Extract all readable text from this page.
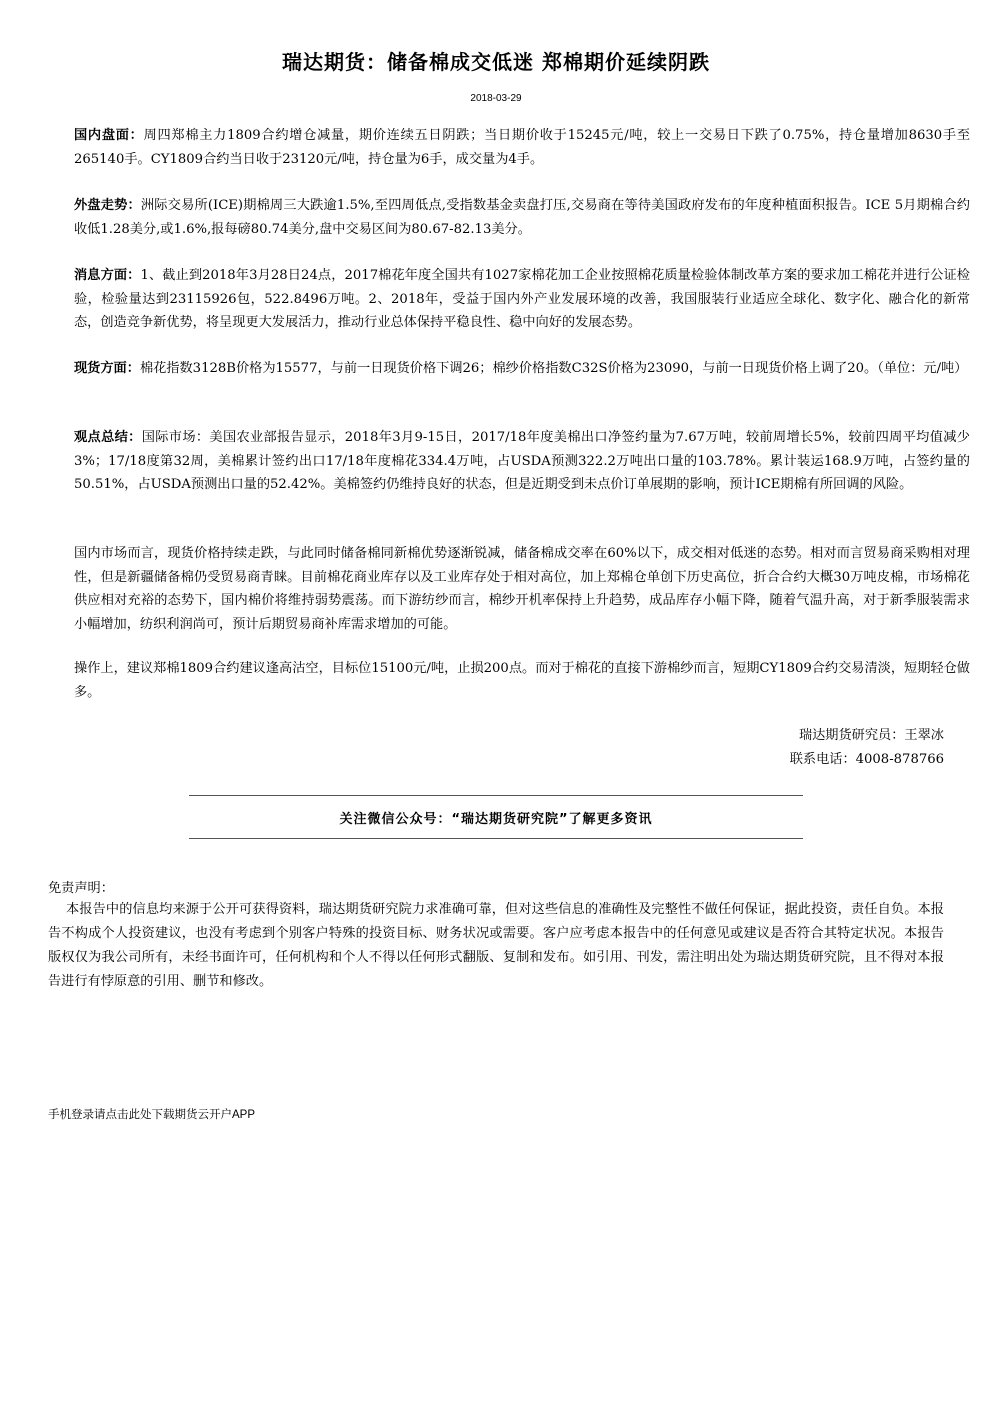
瑞达期货：储备棉成交低迷 郑棉期价延续阴跌
2018-03-29
国内盘面：周四郑棉主力1809合约增仓减量，期价连续五日阴跌；当日期价收于15245元/吨，较上一交易日下跌了0.75%，持仓量增加8630手至265140手。CY1809合约当日收于23120元/吨，持仓量为6手，成交量为4手。
外盘走势：洲际交易所(ICE)期棉周三大跌逾1.5%,至四周低点,受指数基金卖盘打压,交易商在等待美国政府发布的年度种植面积报告。ICE 5月期棉合约收低1.28美分,或1.6%,报每磅80.74美分,盘中交易区间为80.67-82.13美分。
消息方面：1、截止到2018年3月28日24点，2017棉花年度全国共有1027家棉花加工企业按照棉花质量检验体制改革方案的要求加工棉花并进行公证检验，检验量达到23115926包，522.8496万吨。2、2018年，受益于国内外产业发展环境的改善，我国服装行业适应全球化、数字化、融合化的新常态，创造竞争新优势，将呈现更大发展活力，推动行业总体保持平稳良性、稳中向好的发展态势。
现货方面：棉花指数3128B价格为15577，与前一日现货价格下调26；棉纱价格指数C32S价格为23090，与前一日现货价格上调了20。（单位：元/吨）
观点总结：国际市场：美国农业部报告显示，2018年3月9-15日，2017/18年度美棉出口净签约量为7.67万吨，较前周增长5%，较前四周平均值减少3%；17/18度第32周，美棉累计签约出口17/18年度棉花334.4万吨，占USDA预测322.2万吨出口量的103.78%。累计装运168.9万吨，占签约量的50.51%，占USDA预测出口量的52.42%。美棉签约仍维持良好的状态，但是近期受到未点价订单展期的影响，预计ICE期棉有所回调的风险。
国内市场而言，现货价格持续走跌，与此同时储备棉同新棉优势逐渐锐减，储备棉成交率在60%以下，成交相对低迷的态势。相对而言贸易商采购相对理性，但是新疆储备棉仍受贸易商青睐。目前棉花商业库存以及工业库存处于相对高位，加上郑棉仓单创下历史高位，折合合约大概30万吨皮棉，市场棉花供应相对充裕的态势下，国内棉价将维持弱势震荡。而下游纺纱而言，棉纱开机率保持上升趋势，成品库存小幅下降，随着气温升高，对于新季服装需求小幅增加，纺织利润尚可，预计后期贸易商补库需求增加的可能。
操作上，建议郑棉1809合约建议逢高沽空，目标位15100元/吨，止损200点。而对于棉花的直接下游棉纱而言，短期CY1809合约交易清淡，短期轻仓做多。
瑞达期货研究员：王翠冰
联系电话：4008-878766
关注微信公众号：“瑞达期货研究院”了解更多资讯
免责声明：
本报告中的信息均来源于公开可获得资料，瑞达期货研究院力求准确可靠，但对这些信息的准确性及完整性不做任何保证，据此投资，责任自负。本报告不构成个人投资建议，也没有考虑到个别客户特殊的投资目标、财务状况或需要。客户应考虑本报告中的任何意见或建议是否符合其特定状况。本报告版权仅为我公司所有，未经书面许可，任何机构和个人不得以任何形式翻版、复制和发布。如引用、刊发，需注明出处为瑞达期货研究院，且不得对本报告进行有悖原意的引用、删节和修改。
手机登录请点击此处下载期货云开户APP
